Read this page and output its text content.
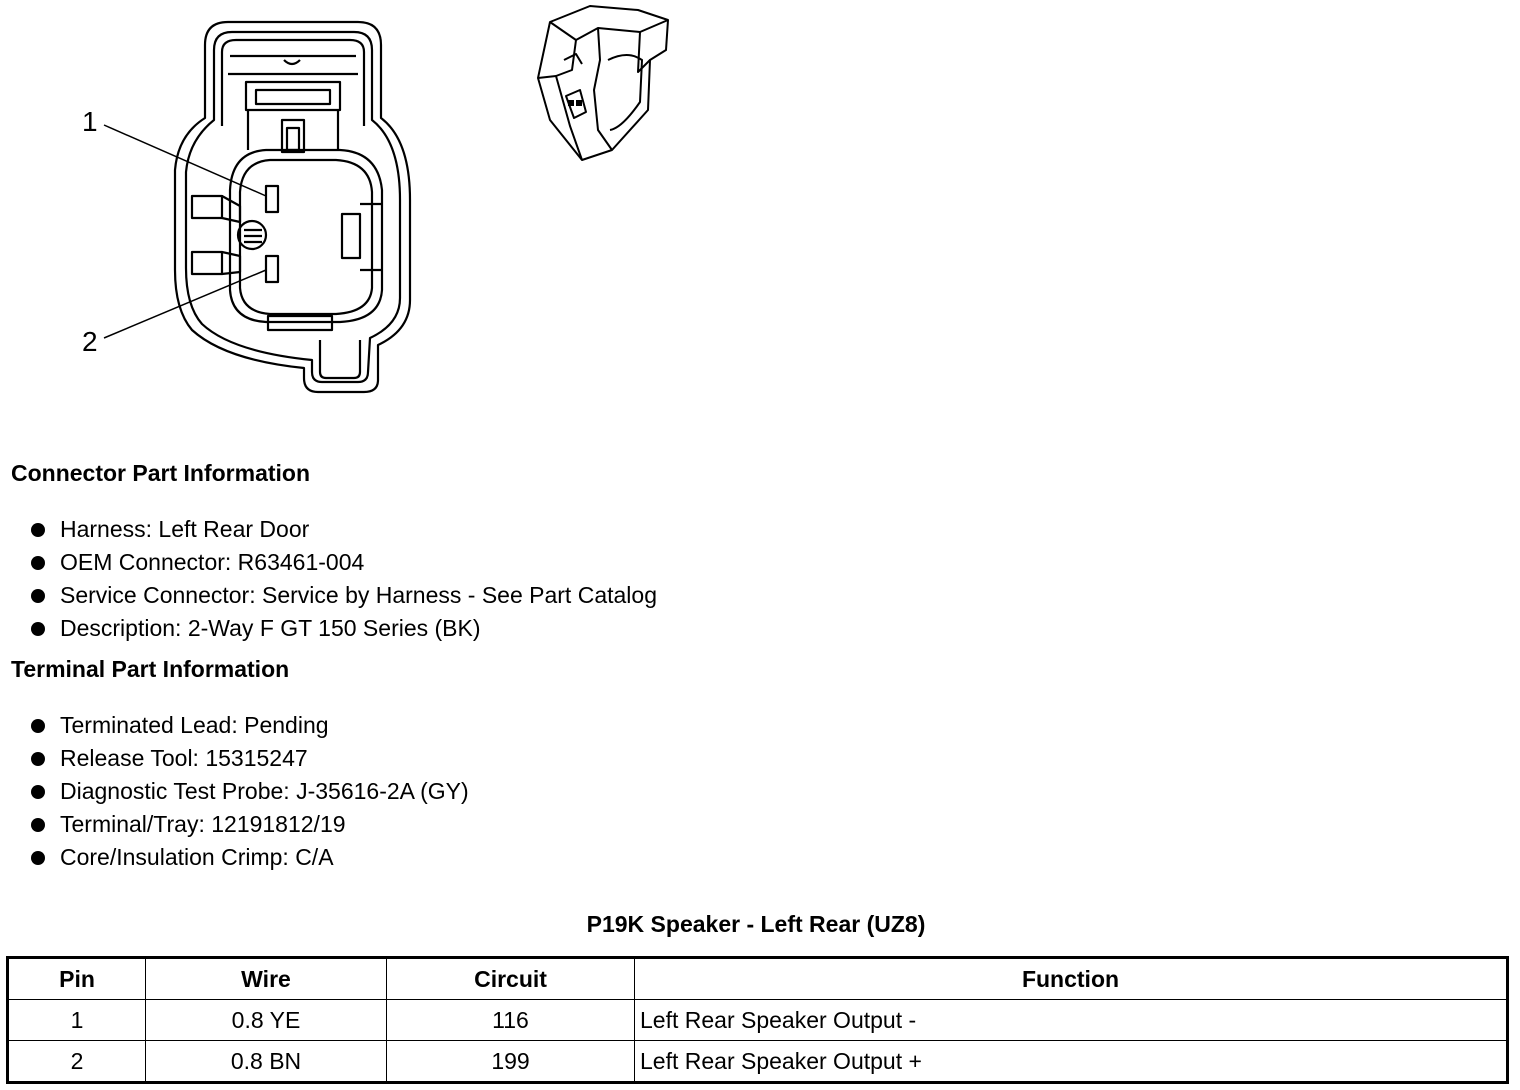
1
2
Connector Part Information
Harness: Left Rear Door
OEM Connector: R63461-004
Service Connector: Service by Harness - See Part Catalog
Description: 2-Way F GT 150 Series (BK)
Terminal Part Information
Terminated Lead: Pending
Release Tool: 15315247
Diagnostic Test Probe: J-35616-2A (GY)
Terminal/Tray: 12191812/19
Core/Insulation Crimp: C/A
P19K Speaker - Left Rear (UZ8)
Pin	Wire	Circuit	Function
1	0.8 YE	116	Left Rear Speaker Output -
2	0.8 BN	199	Left Rear Speaker Output +
